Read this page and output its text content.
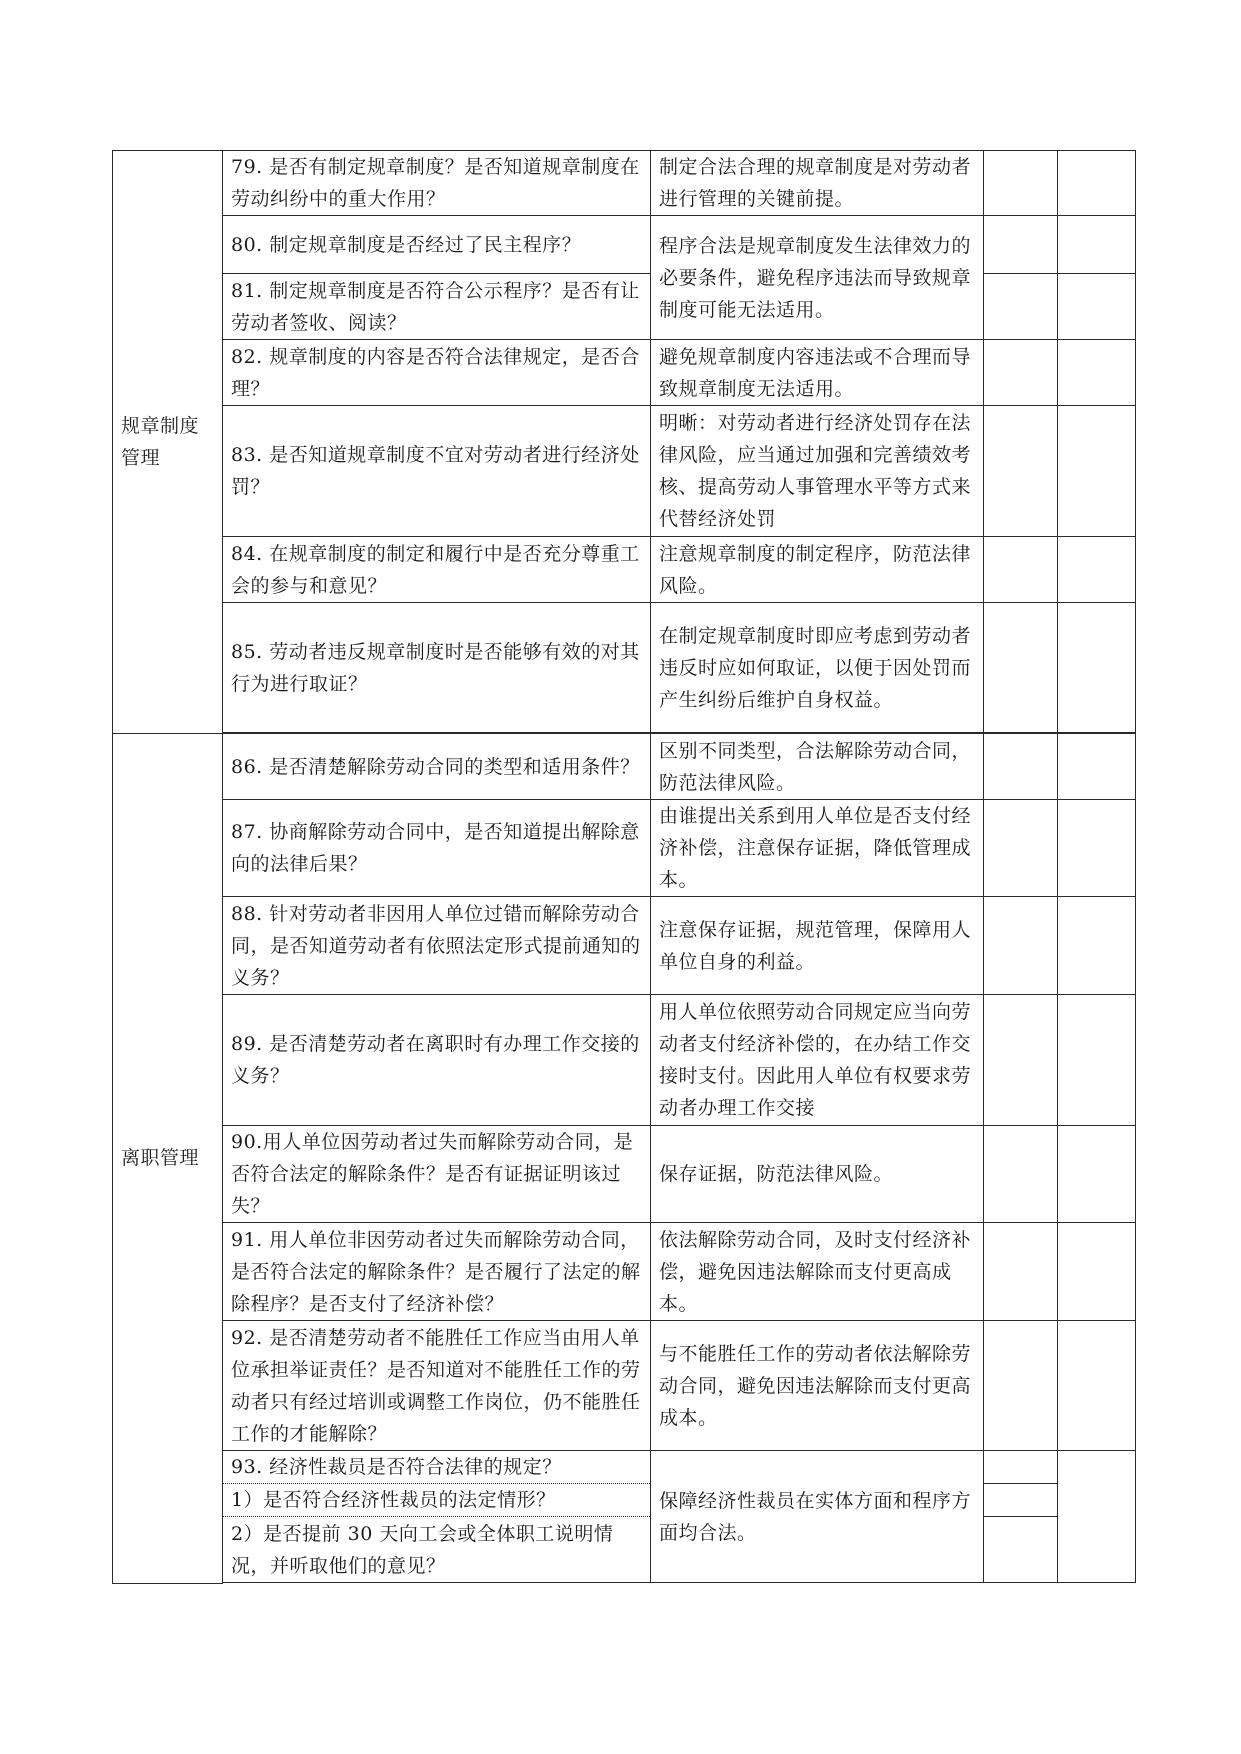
规章制度管理	79. 是否有制定规章制度？是否知道规章制度在劳动纠纷中的重大作用？	制定合法合理的规章制度是对劳动者进行管理的关键前提。		
	80. 制定规章制度是否经过了民主程序？	程序合法是规章制度发生法律效力的必要条件，避免程序违法而导致规章制度可能无法适用。		
	81. 制定规章制度是否符合公示程序？是否有让劳动者签收、阅读？			
	82. 规章制度的内容是否符合法律规定，是否合理？	避免规章制度内容违法或不合理而导致规章制度无法适用。		
	83. 是否知道规章制度不宜对劳动者进行经济处罚？	明晰：对劳动者进行经济处罚存在法律风险，应当通过加强和完善绩效考核、提高劳动人事管理水平等方式来代替经济处罚		
	84. 在规章制度的制定和履行中是否充分尊重工会的参与和意见？	注意规章制度的制定程序，防范法律风险。		
	85. 劳动者违反规章制度时是否能够有效的对其行为进行取证？	在制定规章制度时即应考虑到劳动者违反时应如何取证，以便于因处罚而产生纠纷后维护自身权益。		

离职管理	86. 是否清楚解除劳动合同的类型和适用条件？	区别不同类型，合法解除劳动合同，防范法律风险。		
	87. 协商解除劳动合同中，是否知道提出解除意向的法律后果？	由谁提出关系到用人单位是否支付经济补偿，注意保存证据，降低管理成本。		
	88. 针对劳动者非因用人单位过错而解除劳动合同，是否知道劳动者有依照法定形式提前通知的义务？	注意保存证据，规范管理，保障用人单位自身的利益。		
	89. 是否清楚劳动者在离职时有办理工作交接的义务？	用人单位依照劳动合同规定应当向劳动者支付经济补偿的，在办结工作交接时支付。因此用人单位有权要求劳动者办理工作交接		
	90.用人单位因劳动者过失而解除劳动合同，是否符合法定的解除条件？是否有证据证明该过失？	保存证据，防范法律风险。		
	91. 用人单位非因劳动者过失而解除劳动合同，是否符合法定的解除条件？是否履行了法定的解除程序？是否支付了经济补偿？	依法解除劳动合同，及时支付经济补偿，避免因违法解除而支付更高成本。		
	92. 是否清楚劳动者不能胜任工作应当由用人单位承担举证责任？是否知道对不能胜任工作的劳动者只有经过培训或调整工作岗位，仍不能胜任工作的才能解除？	与不能胜任工作的劳动者依法解除劳动合同，避免因违法解除而支付更高成本。		
	93. 经济性裁员是否符合法律的规定？	保障经济性裁员在实体方面和程序方面均合法。		
	1）是否符合经济性裁员的法定情形？			
	2）是否提前 30 天向工会或全体职工说明情况，并听取他们的意见？			
